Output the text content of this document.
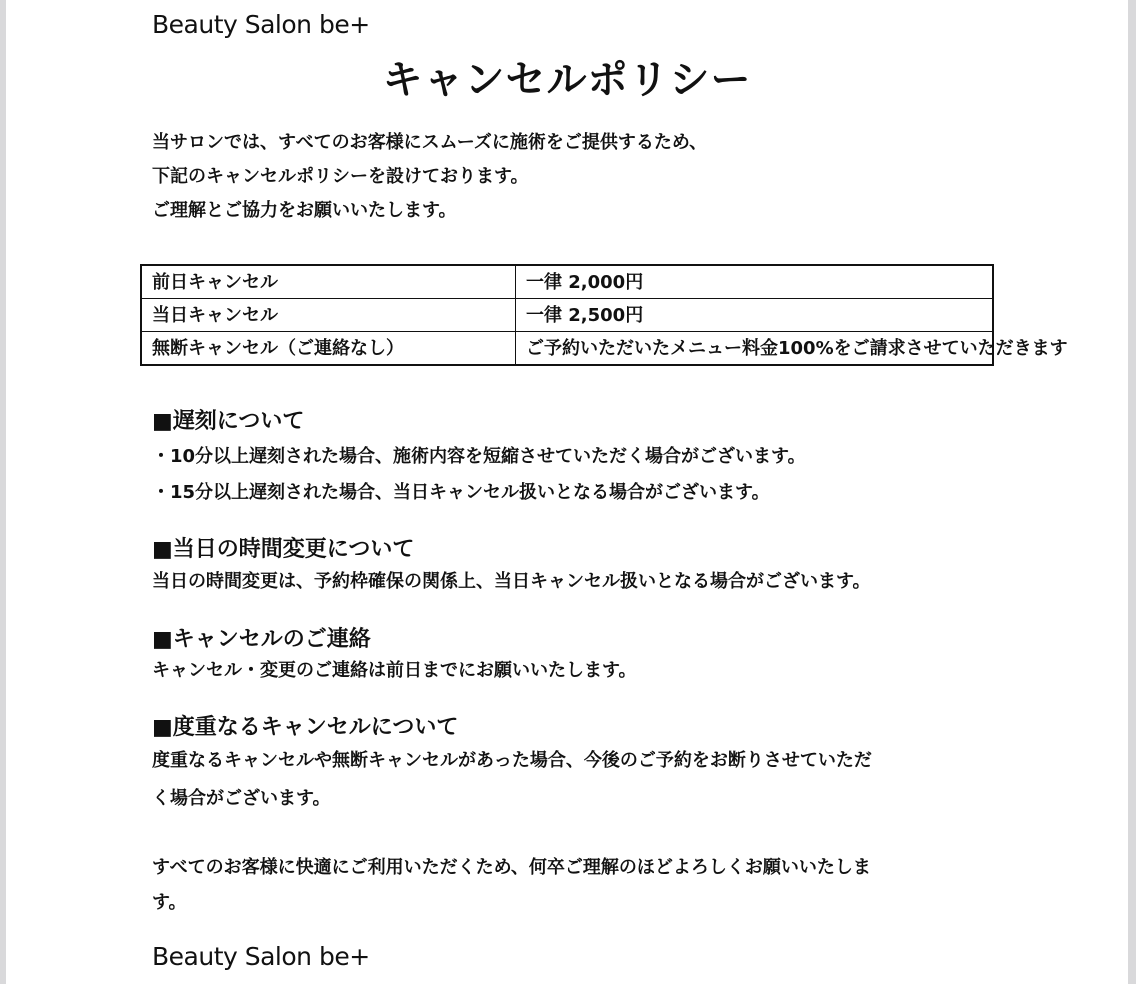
Beauty Salon be+
キャンセルポリシー
当サロンでは、すべてのお客様にスムーズに施術をご提供するため、
下記のキャンセルポリシーを設けております。
ご理解とご協力をお願いいたします。
前日キャンセル	一律 2,000円
当日キャンセル	一律 2,500円
無断キャンセル（ご連絡なし）	ご予約いただいたメニュー料金100%をご請求させていただきます
■遅刻について
・10分以上遅刻された場合、施術内容を短縮させていただく場合がございます。
・15分以上遅刻された場合、当日キャンセル扱いとなる場合がございます。
■当日の時間変更について
当日の時間変更は、予約枠確保の関係上、当日キャンセル扱いとなる場合がございます。
■キャンセルのご連絡
キャンセル・変更のご連絡は前日までにお願いいたします。
■度重なるキャンセルについて
度重なるキャンセルや無断キャンセルがあった場合、今後のご予約をお断りさせていただ
く場合がございます。
すべてのお客様に快適にご利用いただくため、何卒ご理解のほどよろしくお願いいたしま
す。
Beauty Salon be+
